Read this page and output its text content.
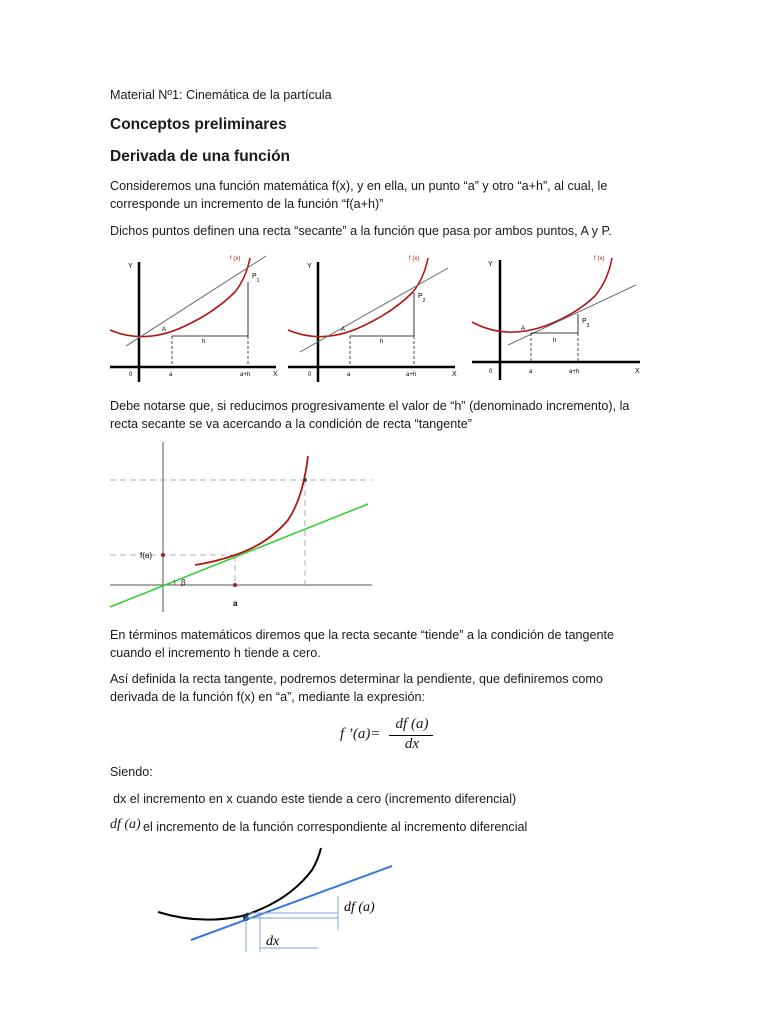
Material Nº1: Cinemática de la partícula
Conceptos preliminares
Derivada de una función
Consideremos una función matemática f(x), y en ella, un punto “a” y otro “a+h”, al cual, le
corresponde un incremento de la función “f(a+h)”
Dichos puntos definen una recta “secante” a la función que pasa por ambos puntos, A y P.
Y
f (x)
$P_1$
A
h
0	a	a+h	X
Y
f (x)
$P_2$
A
h
0	a	a+h	X
Y
f (x)
$P_3$
A
h
0	a	a+h	X
Debe notarse que, si reducimos progresivamente el valor de “h” (denominado incremento), la
recta secante se va acercando a la condición de recta “tangente”
f(a)
β
a
En términos matemáticos diremos que la recta secante “tiende” a la condición de tangente
cuando el incremento h tiende a cero.
Así definida la recta tangente, podremos determinar la pendiente, que definiremos como
derivada de la función f(x) en “a”, mediante la expresión:
f ’(a)=
df (a)
dx
Siendo:
dx el incremento en x cuando este tiende a cero (incremento diferencial)
df (a) el incremento de la función correspondiente al incremento diferencial
df (a)
dx
